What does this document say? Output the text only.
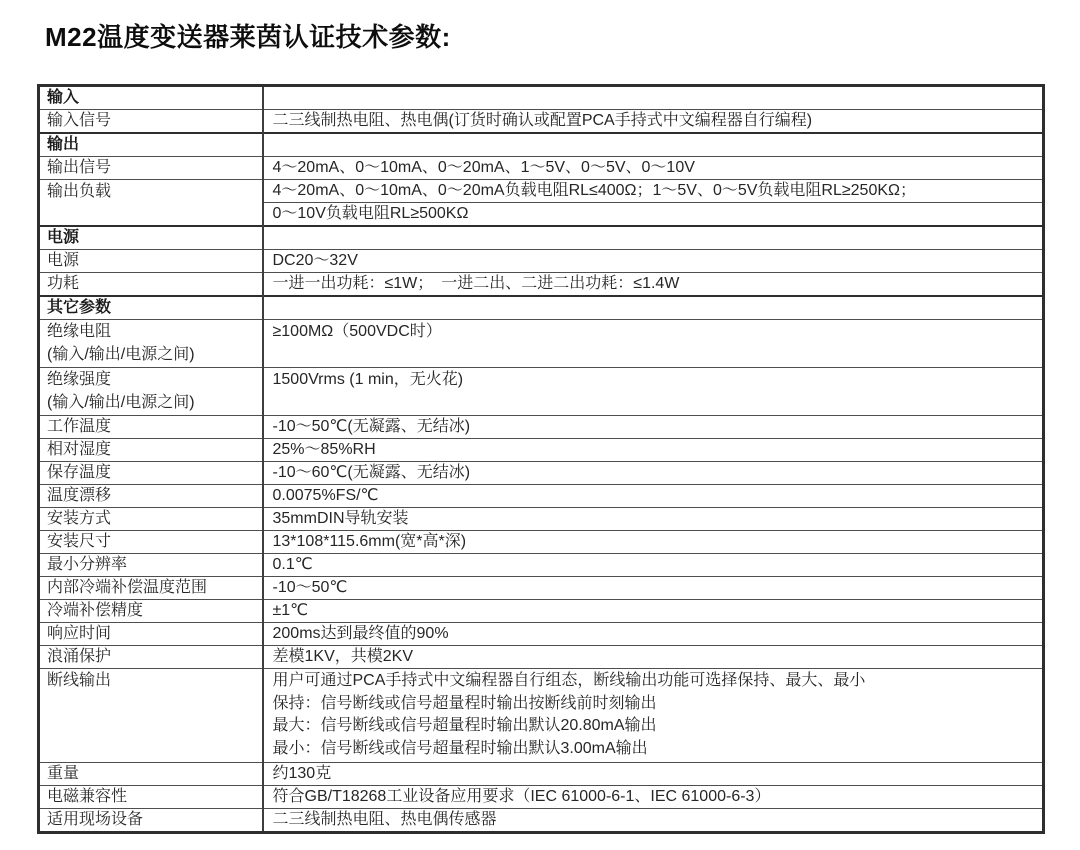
M22温度变送器莱茵认证技术参数:
输入	
输入信号	二三线制热电阻、热电偶(订货时确认或配置PCA手持式中文编程器自行编程)
输出	
输出信号	4～20mA、0～10mA、0～20mA、1～5V、0～5V、0～10V
输出负载	4～20mA、0～10mA、0～20mA负载电阻RL≤400Ω；1～5V、0～5V负载电阻RL≥250KΩ；
	0～10V负载电阻RL≥500KΩ
电源	
电源	DC20～32V
功耗	一进一出功耗：≤1W；　一进二出、二进二出功耗：≤1.4W
其它参数	

绝缘电阻
(输入/输出/电源之间)	≥100MΩ（500VDC时）

绝缘强度
(输入/输出/电源之间)	1500Vrms (1 min，无火花)
工作温度	-10～50℃(无凝露、无结冰)
相对湿度	25%～85%RH
保存温度	-10～60℃(无凝露、无结冰)
温度漂移	0.0075%FS/℃
安装方式	35mmDIN导轨安装
安装尺寸	13*108*115.6mm(宽*高*深)
最小分辨率	0.1℃
内部冷端补偿温度范围	-10～50℃
冷端补偿精度	±1℃
响应时间	200ms达到最终值的90%
浪涌保护	差模1KV，共模2KV
断线输出	用户可通过PCA手持式中文编程器自行组态，断线输出功能可选择保持、最大、最小
保持：信号断线或信号超量程时输出按断线前时刻输出
最大：信号断线或信号超量程时输出默认20.80mA输出
最小：信号断线或信号超量程时输出默认3.00mA输出

重量	约130克
电磁兼容性	符合GB/T18268工业设备应用要求（IEC 61000-6-1、IEC 61000-6-3）
适用现场设备	二三线制热电阻、热电偶传感器
